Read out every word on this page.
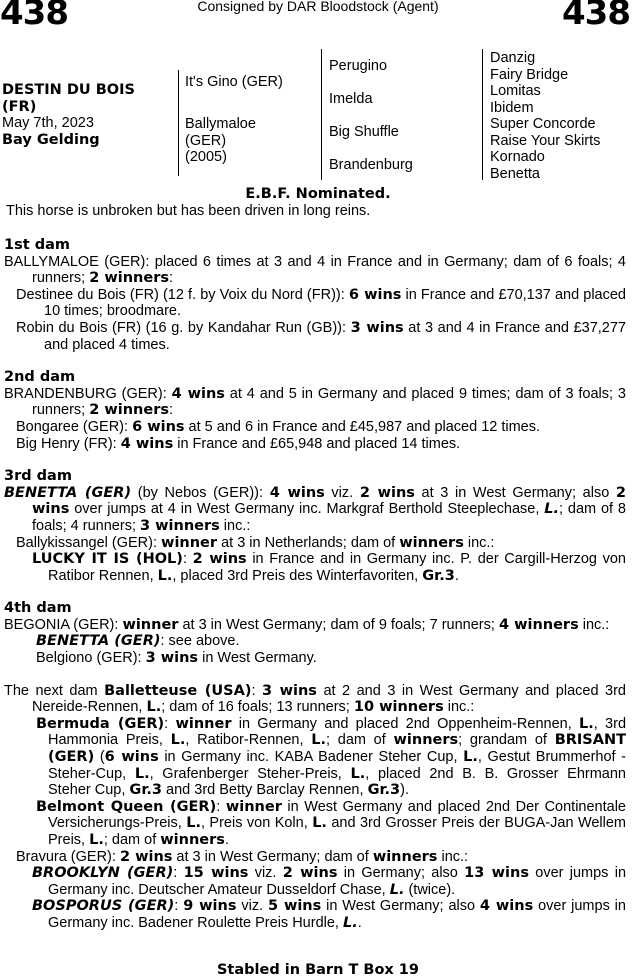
438	Consigned by DAR Bloodstock (Agent)	438
DESTIN DU BOIS
(FR)
May 7th, 2023
Bay Gelding
It's Gino (GER)
Ballymaloe
(GER)
(2005)
Perugino
Imelda
Big Shuffle
Brandenburg
Danzig
Fairy Bridge
Lomitas
Ibidem
Super Concorde
Raise Your Skirts
Kornado
Benetta
E.B.F. Nominated.
This horse is unbroken but has been driven in long reins.

1st dam

BALLYMALOE (GER): placed 6 times at 3 and 4 in France and in Germany; dam of 6 foals; 4 runners; 2 winners:

Destinee du Bois (FR) (12 f. by Voix du Nord (FR)): 6 wins in France and £70,137 and placed 10 times; broodmare.

Robin du Bois (FR) (16 g. by Kandahar Run (GB)): 3 wins at 3 and 4 in France and £37,277 and placed 4 times.

2nd dam

BRANDENBURG (GER): 4 wins at 4 and 5 in Germany and placed 9 times; dam of 3 foals; 3 runners; 2 winners:

Bongaree (GER): 6 wins at 5 and 6 in France and £45,987 and placed 12 times.

Big Henry (FR): 4 wins in France and £65,948 and placed 14 times.

3rd dam

BENETTA (GER) (by Nebos (GER)): 4 wins viz. 2 wins at 3 in West Germany; also 2 wins over jumps at 4 in West Germany inc. Markgraf Berthold Steeplechase, L.; dam of 8 foals; 4 runners; 3 winners inc.:

Ballykissangel (GER): winner at 3 in Netherlands; dam of winners inc.:

LUCKY IT IS (HOL): 2 wins in France and in Germany inc. P. der Cargill-Herzog von Ratibor Rennen, L., placed 3rd Preis des Winterfavoriten, Gr.3.

4th dam

BEGONIA (GER): winner at 3 in West Germany; dam of 9 foals; 7 runners; 4 winners inc.:

BENETTA (GER): see above.

Belgiono (GER): 3 wins in West Germany.

The next dam Balletteuse (USA): 3 wins at 2 and 3 in West Germany and placed 3rd Nereide-Rennen, L.; dam of 16 foals; 13 runners; 10 winners inc.:

Bermuda (GER): winner in Germany and placed 2nd Oppenheim-Rennen, L., 3rd Hammonia Preis, L., Ratibor-Rennen, L.; dam of winners; grandam of BRISANT (GER) (6 wins in Germany inc. KABA Badener Steher Cup, L., Gestut Brummerhof - Steher-Cup, L., Grafenberger Steher-Preis, L., placed 2nd B. B. Grosser Ehrmann Steher Cup, Gr.3 and 3rd Betty Barclay Rennen, Gr.3).

Belmont Queen (GER): winner in West Germany and placed 2nd Der Continentale Versicherungs-Preis, L., Preis von Koln, L. and 3rd Grosser Preis der BUGA-Jan Wellem Preis, L.; dam of winners.

Bravura (GER): 2 wins at 3 in West Germany; dam of winners inc.:

BROOKLYN (GER): 15 wins viz. 2 wins in Germany; also 13 wins over jumps in Germany inc. Deutscher Amateur Dusseldorf Chase, L. (twice).

BOSPORUS (GER): 9 wins viz. 5 wins in West Germany; also 4 wins over jumps in Germany inc. Badener Roulette Preis Hurdle, L..

Stabled in Barn T Box 19
